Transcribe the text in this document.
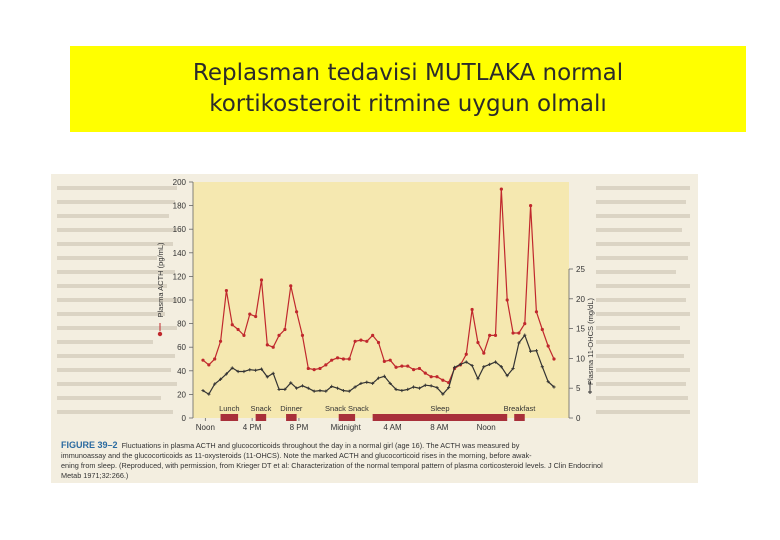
Replasman tedavisi MUTLAKA normal
kortikosteroit ritmine uygun olmalı
0
20
40
60
80
100
120
140
160
180
200
0
5
10
15
20
25
Plasma ACTH (pg/mL)
Plasma 11-OHCS (mg/dL)
Noon	4 PM	8 PM	Midnight	4 AM	8 AM	Noon
Lunch Snack Dinner	Snack Snack	Sleep	Breakfast
FIGURE 39–2 Fluctuations in plasma ACTH and glucocorticoids throughout the day in a normal girl (age 16). The ACTH was measured by
immunoassay and the glucocorticoids as 11-oxysteroids (11-OHCS). Note the marked ACTH and glucocorticoid rises in the morning, before awak-
ening from sleep. (Reproduced, with permission, from Krieger DT et al: Characterization of the normal temporal pattern of plasma corticosteroid levels. J Clin Endocrinol
Metab 1971;32:266.)
